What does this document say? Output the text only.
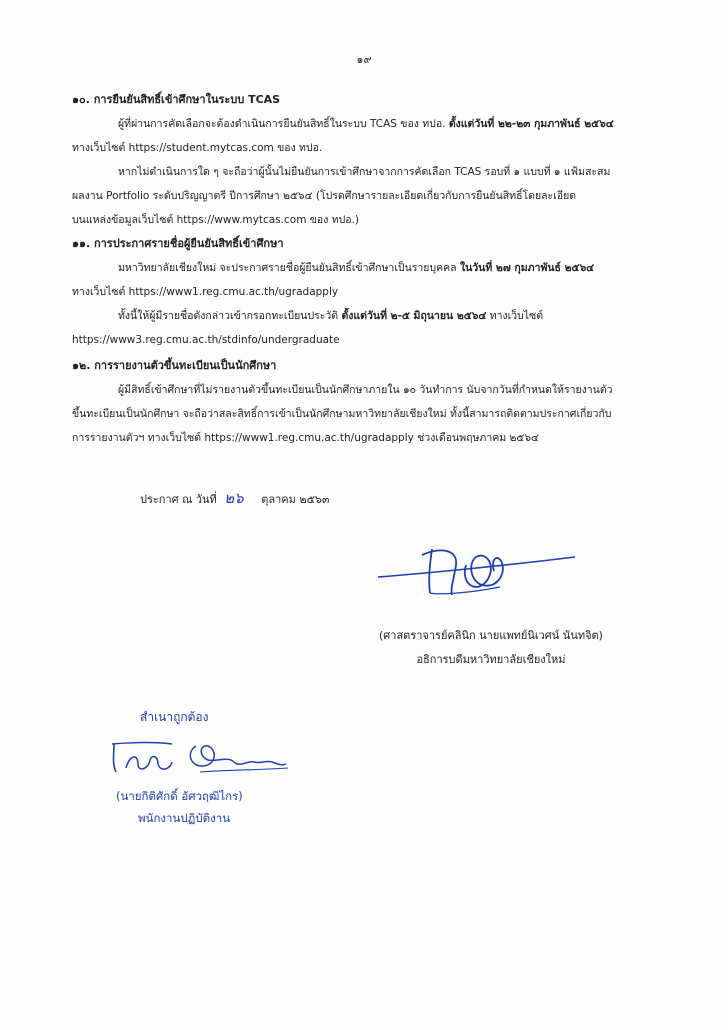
๑๙
๑๐. การยืนยันสิทธิ์เข้าศึกษาในระบบ TCAS

ผู้ที่ผ่านการคัดเลือกจะต้องดำเนินการยืนยันสิทธิ์ในระบบ TCAS ของ ทปอ. ตั้งแต่วันที่ ๒๒-๒๓ กุมภาพันธ์ ๒๕๖๔

ทางเว็บไซต์ https://student.mytcas.com ของ ทปอ.

หากไม่ดำเนินการใด ๆ จะถือว่าผู้นั้นไม่ยืนยันการเข้าศึกษาจากการคัดเลือก TCAS รอบที่ ๑ แบบที่ ๑ แฟ้มสะสม

ผลงาน Portfolio ระดับปริญญาตรี ปีการศึกษา ๒๕๖๔ (โปรดศึกษารายละเอียดเกี่ยวกับการยืนยันสิทธิ์โดยละเอียด

บนแหล่งข้อมูลเว็บไซต์ https://www.mytcas.com ของ ทปอ.)

๑๑. การประกาศรายชื่อผู้ยืนยันสิทธิ์เข้าศึกษา

มหาวิทยาลัยเชียงใหม่ จะประกาศรายชื่อผู้ยืนยันสิทธิ์เข้าศึกษาเป็นรายบุคคล ในวันที่ ๒๗ กุมภาพันธ์ ๒๕๖๔

ทางเว็บไซต์ https://www1.reg.cmu.ac.th/ugradapply

ทั้งนี้ให้ผู้มีรายชื่อดังกล่าวเข้ากรอกทะเบียนประวัติ ตั้งแต่วันที่ ๒-๕ มิถุนายน ๒๕๖๔ ทางเว็บไซต์

https://www3.reg.cmu.ac.th/stdinfo/undergraduate

๑๒. การรายงานตัวขึ้นทะเบียนเป็นนักศึกษา

ผู้มีสิทธิ์เข้าศึกษาที่ไม่รายงานตัวขึ้นทะเบียนเป็นนักศึกษาภายใน ๑๐ วันทำการ นับจากวันที่กำหนดให้รายงานตัว

ขึ้นทะเบียนเป็นนักศึกษา จะถือว่าสละสิทธิ์การเข้าเป็นนักศึกษามหาวิทยาลัยเชียงใหม่ ทั้งนี้สามารถติดตามประกาศเกี่ยวกับ

การรายงานตัวฯ ทางเว็บไซต์ https://www1.reg.cmu.ac.th/ugradapply ช่วงเดือนพฤษภาคม ๒๕๖๔

ประกาศ ณ วันที่ ๒๖ ตุลาคม ๒๕๖๓
(ศาสตราจารย์คลินิก นายแพทย์นิเวศน์ นันทจิต)
อธิการบดีมหาวิทยาลัยเชียงใหม่
สำเนาถูกต้อง
(นายกิติศักดิ์ อัศวฤฒิไกร)
พนักงานปฏิบัติงาน
